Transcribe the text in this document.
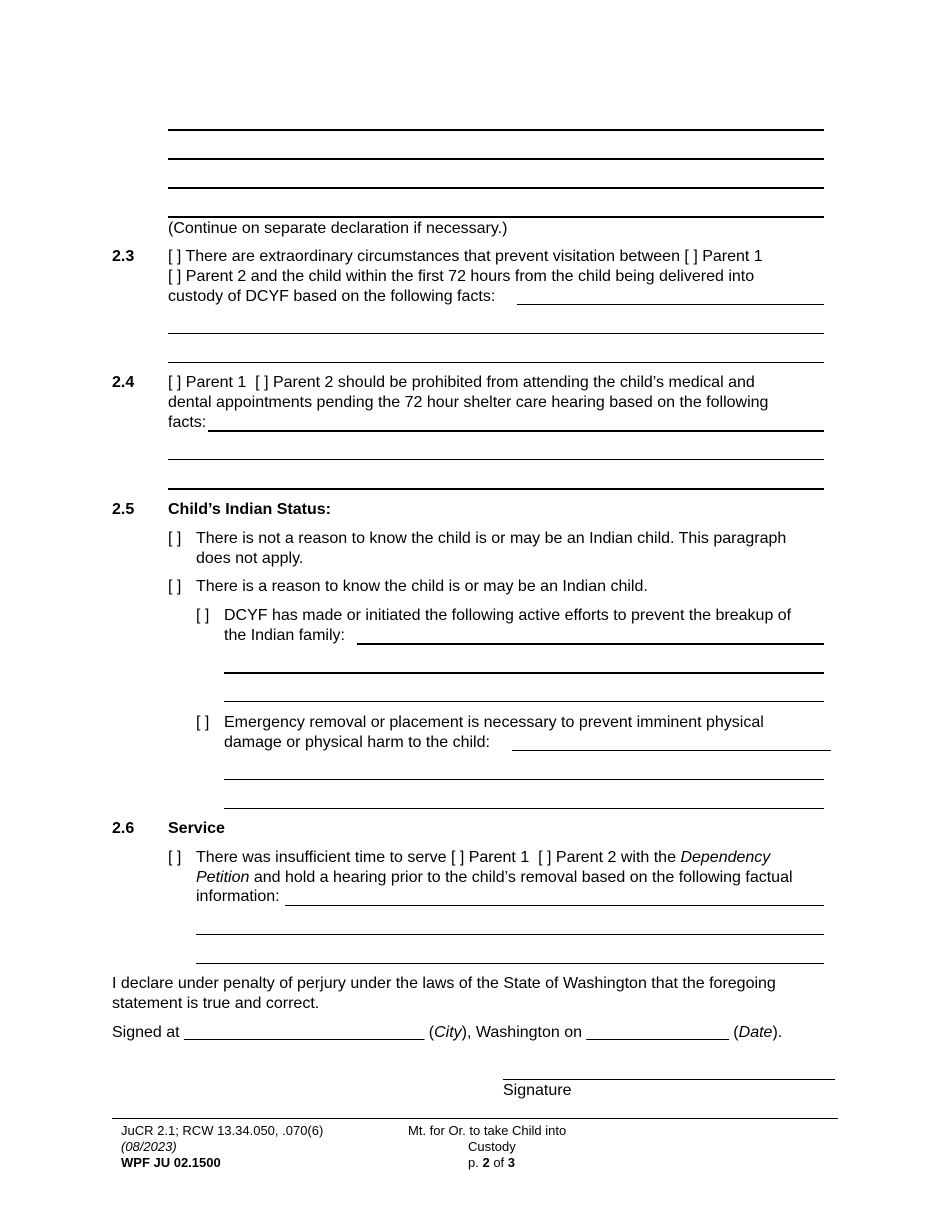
(Continue on separate declaration if necessary.)
2.3 [ ] There are extraordinary circumstances that prevent visitation between [ ] Parent 1
[ ] Parent 2 and the child within the first 72 hours from the child being delivered into
custody of DCYF based on the following facts:
2.4 [ ] Parent 1 [ ] Parent 2 should be prohibited from attending the child’s medical and
dental appointments pending the 72 hour shelter care hearing based on the following
facts:
2.5 Child’s Indian Status:
[ ] There is not a reason to know the child is or may be an Indian child. This paragraph
does not apply.
[ ] There is a reason to know the child is or may be an Indian child.
[ ] DCYF has made or initiated the following active efforts to prevent the breakup of
the Indian family:
[ ] Emergency removal or placement is necessary to prevent imminent physical
damage or physical harm to the child:
2.6 Service
[ ] There was insufficient time to serve [ ] Parent 1 [ ] Parent 2 with the Dependency
Petition and hold a hearing prior to the child’s removal based on the following factual
information:
I declare under penalty of perjury under the laws of the State of Washington that the foregoing
statement is true and correct.
Signed at ___________________________ (City), Washington on ________________ (Date).
Signature
JuCR 2.1; RCW 13.34.050, .070(6)
(08/2023)
WPF JU 02.1500
Mt. for Or. to take Child into
Custody
p. 2 of 3
